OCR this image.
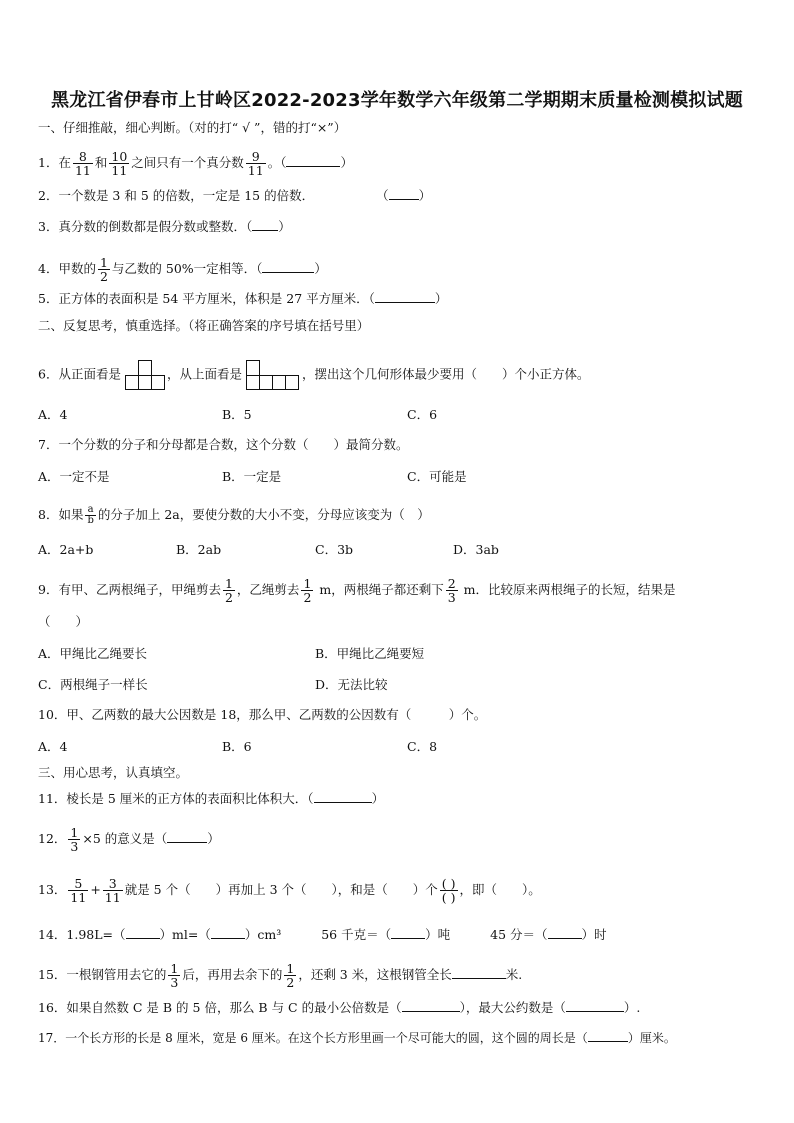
黑龙江省伊春市上甘岭区2022-2023学年数学六年级第二学期期末质量检测模拟试题
一、仔细推敲，细心判断。（对的打“ √ ”，错的打“×”）
1．在 $\frac{8}{11}$ 和 $\frac{10}{11}$ 之间只有一个真分数 $\frac{9}{11}$ 。（	）
2．一个数是 3 和 5 的倍数，一定是 15 的倍数．	（ ）
3．真分数的倒数都是假分数或整数．（ ）
4．甲数的 $\frac{1}{2}$ 与乙数的 50%一定相等．（	）
5．正方体的表面积是 54 平方厘米，体积是 27 平方厘米．（	）
二、反复思考，慎重选择。（将正确答案的序号填在括号里）
6．从正面看是	，从上面看是	，摆出这个几何形体最少要用（　　）个小正方体。
A．4	B．5	C．6
7．一个分数的分子和分母都是合数，这个分数（　　）最简分数。
A．一定不是	B．一定是	C．可能是
8．如果 $\frac{a}{b}$ 的分子加上 2a，要使分数的大小不变，分母应该变为（　）
A．2a+b	B．2ab	C．3b	D．3ab
9．有甲、乙两根绳子，甲绳剪去 $\frac{1}{2}$ ，乙绳剪去 $\frac{1}{2}$ m，两根绳子都还剩下 $\frac{2}{3}$ m．比较原来两根绳子的长短，结果是
（　　）
A．甲绳比乙绳要长	B．甲绳比乙绳要短
C．两根绳子一样长	D．无法比较
10．甲、乙两数的最大公因数是 18，那么甲、乙两数的公因数有（　　　）个。
A．4	B．6	C．8
三、用心思考，认真填空。
11．棱长是 5 厘米的正方体的表面积比体积大．（	）
12． $\frac{1}{3} \times 5$ 的意义是（	）
13． $\frac{5}{11} + \frac{3}{11}$ 就是 5 个（　　）再加上 3 个（　　），和是（　　）个 $\frac{( )}{( )}$ ，即（　　）。
14．1.98L=（	）ml=（	）cm³	56 千克＝（	）吨	45 分＝（	）时
15．一根钢管用去它的 $\frac{1}{3}$ 后，再用去余下的 $\frac{1}{2}$ ，还剩 3 米，这根钢管全长	米.
16．如果自然数 C 是 B 的 5 倍，那么 B 与 C 的最小公倍数是（	），最大公约数是（	）.
17．一个长方形的长是 8 厘米，宽是 6 厘米。在这个长方形里画一个尽可能大的圆，这个圆的周长是（	）厘米。
